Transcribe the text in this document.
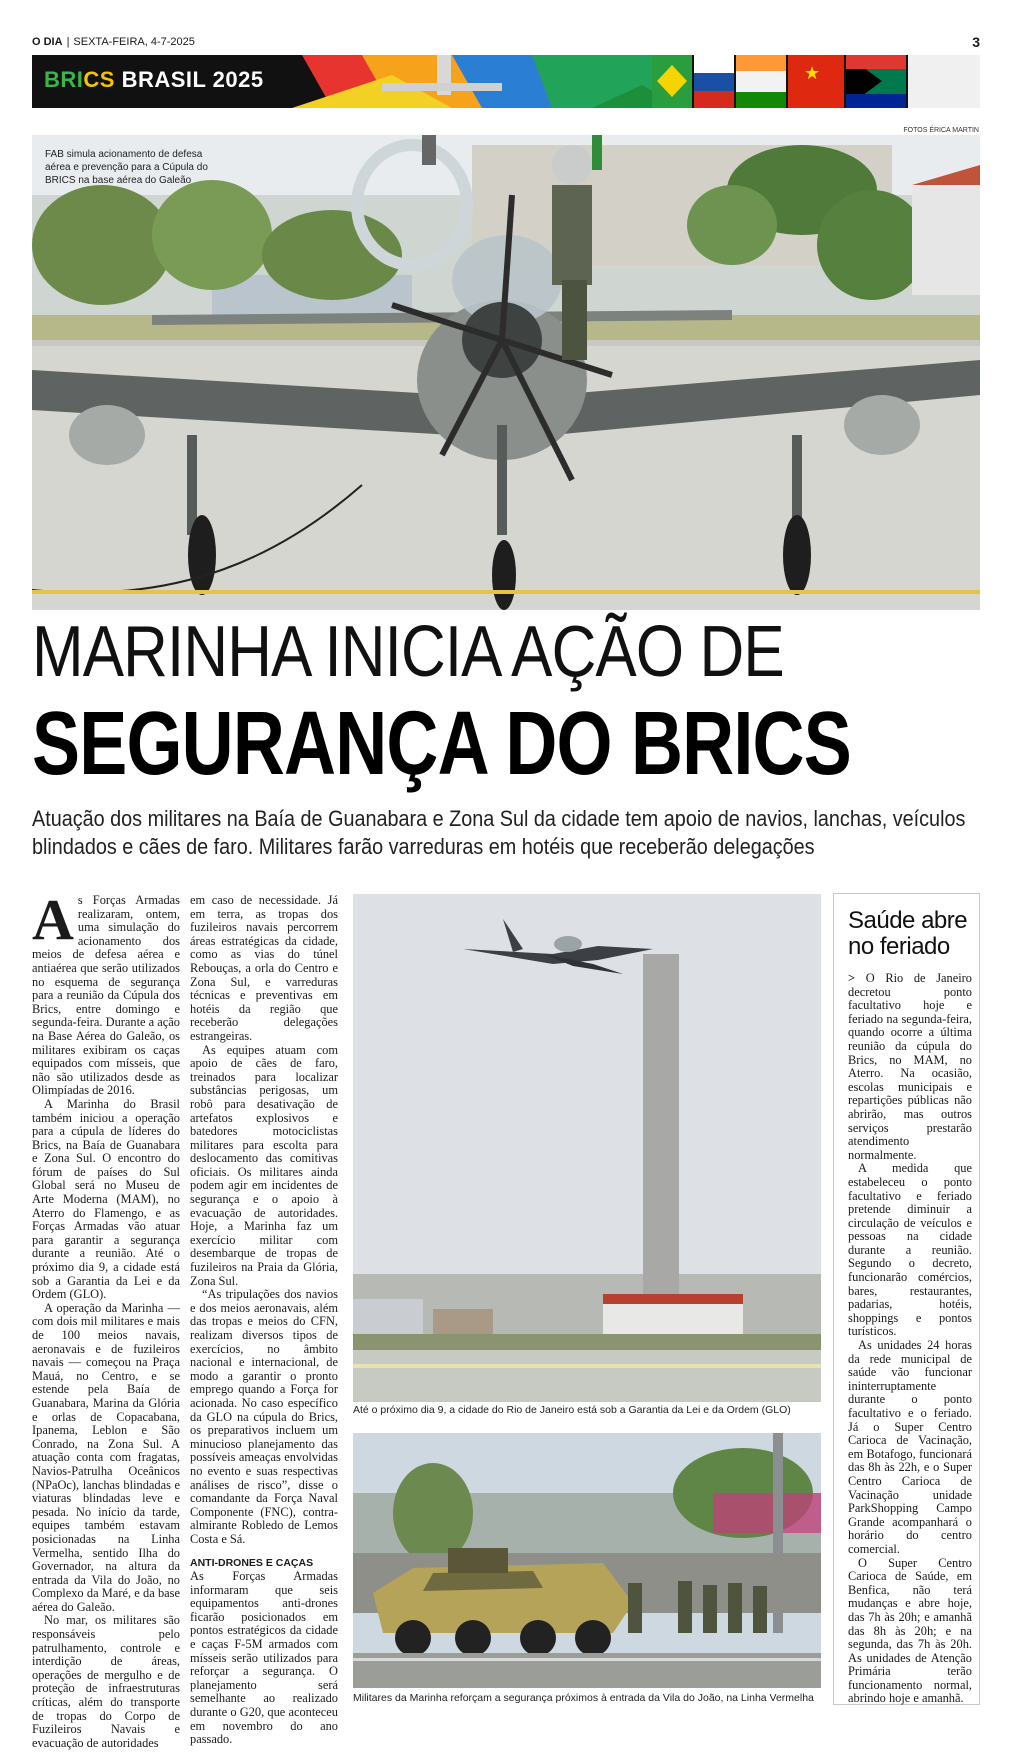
O DIA | SEXTA-FEIRA, 4-7-2025	3
★
BRICS BRASIL 2025
FOTOS ÉRICA MARTIN
FAB simula acionamento de defesa aérea e prevenção para a Cúpula do BRICS na base aérea do Galeão
MARINHA INICIA AÇÃO DE
SEGURANÇA DO BRICS
Atuação dos militares na Baía de Guanabara e Zona Sul da cidade tem apoio de navios, lanchas, veículos blindados e cães de faro. Militares farão varreduras em hotéis que receberão delegações

As Forças Armadas realizaram, ontem, uma simulação do acionamento dos meios de defesa aérea e antiaérea que serão utilizados no esquema de segurança para a reunião da Cúpula dos Brics, entre domingo e segunda-feira. Durante a ação na Base Aérea do Galeão, os militares exibiram os caças equipados com mísseis, que não são utilizados desde as Olimpíadas de 2016.

A Marinha do Brasil também iniciou a operação para a cúpula de líderes do Brics, na Baía de Guanabara e Zona Sul. O encontro do fórum de países do Sul Global será no Museu de Arte Moderna (MAM), no Aterro do Flamengo, e as Forças Armadas vão atuar para garantir a segurança durante a reunião. Até o próximo dia 9, a cidade está sob a Garantia da Lei e da Ordem (GLO).

A operação da Marinha — com dois mil militares e mais de 100 meios navais, aeronavais e de fuzileiros navais — começou na Praça Mauá, no Centro, e se estende pela Baía de Guanabara, Marina da Glória e orlas de Copacabana, Ipanema, Leblon e São Conrado, na Zona Sul. A atuação conta com fragatas, Navios-Patrulha Oceânicos (NPaOc), lanchas blindadas e viaturas blindadas leve e pesada. No início da tarde, equipes também estavam posicionadas na Linha Vermelha, sentido Ilha do Governador, na altura da entrada da Vila do João, no Complexo da Maré, e da base aérea do Galeão.

No mar, os militares são responsáveis pelo patrulhamento, controle e interdição de áreas, operações de mergulho e de proteção de infraestruturas críticas, além do transporte de tropas do Corpo de Fuzileiros Navais e evacuação de autoridades

em caso de necessidade. Já em terra, as tropas dos fuzileiros navais percorrem áreas estratégicas da cidade, como as vias do túnel Rebouças, a orla do Centro e Zona Sul, e varreduras técnicas e preventivas em hotéis da região que receberão delegações estrangeiras.

As equipes atuam com apoio de cães de faro, treinados para localizar substâncias perigosas, um robô para desativação de artefatos explosivos e batedores motociclistas militares para escolta para deslocamento das comitivas oficiais. Os militares ainda podem agir em incidentes de segurança e o apoio à evacuação de autoridades. Hoje, a Marinha faz um exercício militar com desembarque de tropas de fuzileiros na Praia da Glória, Zona Sul.

“As tripulações dos navios e dos meios aeronavais, além das tropas e meios do CFN, realizam diversos tipos de exercícios, no âmbito nacional e internacional, de modo a garantir o pronto emprego quando a Força for acionada. No caso específico da GLO na cúpula do Brics, os preparativos incluem um minucioso planejamento das possíveis ameaças envolvidas no evento e suas respectivas análises de risco”, disse o comandante da Força Naval Componente (FNC), contra-almirante Robledo de Lemos Costa e Sá.

ANTI-DRONES E CAÇAS

As Forças Armadas informaram que seis equipamentos anti-drones ficarão posicionados em pontos estratégicos da cidade e caças F-5M armados com mísseis serão utilizados para reforçar a segurança. O planejamento será semelhante ao realizado durante o G20, que aconteceu em novembro do ano passado.

Até o próximo dia 9, a cidade do Rio de Janeiro está sob a Garantia da Lei e da Ordem (GLO)
Militares da Marinha reforçam a segurança próximos à entrada da Vila do João, na Linha Vermelha
Saúde abre no feriado

> O Rio de Janeiro decretou ponto facultativo hoje e feriado na segunda-feira, quando ocorre a última reunião da cúpula do Brics, no MAM, no Aterro. Na ocasião, escolas municipais e repartições públicas não abrirão, mas outros serviços prestarão atendimento normalmente.

A medida que estabeleceu o ponto facultativo e feriado pretende diminuir a circulação de veículos e pessoas na cidade durante a reunião. Segundo o decreto, funcionarão comércios, bares, restaurantes, padarias, hotéis, shoppings e pontos turísticos.

As unidades 24 horas da rede municipal de saúde vão funcionar ininterruptamente durante o ponto facultativo e o feriado. Já o Super Centro Carioca de Vacinação, em Botafogo, funcionará das 8h às 22h, e o Super Centro Carioca de Vacinação unidade ParkShopping Campo Grande acompanhará o horário do centro comercial.

O Super Centro Carioca de Saúde, em Benfica, não terá mudanças e abre hoje, das 7h às 20h; e amanhã das 8h às 20h; e na segunda, das 7h às 20h. As unidades de Atenção Primária terão funcionamento normal, abrindo hoje e amanhã.
